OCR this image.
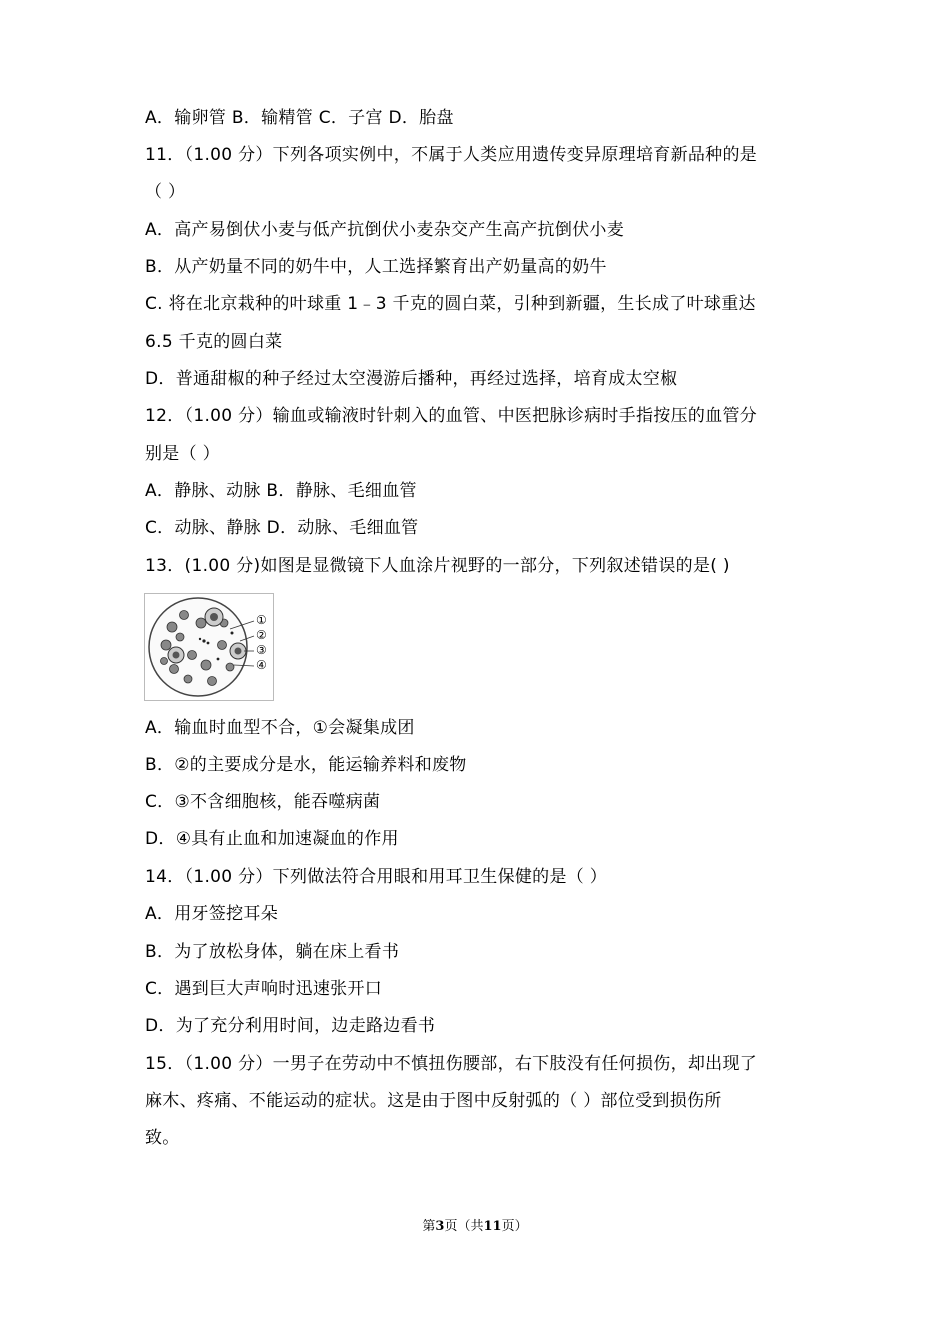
A．输卵管 B．输精管 C．子宫 D．胎盘
11．（1.00 分）下列各项实例中，不属于人类应用遗传变异原理培育新品种的是
（ ）
A．高产易倒伏小麦与低产抗倒伏小麦杂交产生高产抗倒伏小麦
B．从产奶量不同的奶牛中，人工选择繁育出产奶量高的奶牛
C. 将在北京栽种的叶球重 1﹣3 千克的圆白菜，引种到新疆，生长成了叶球重达
6.5 千克的圆白菜
D．普通甜椒的种子经过太空漫游后播种，再经过选择，培育成太空椒
12．（1.00 分）输血或输液时针刺入的血管、中医把脉诊病时手指按压的血管分
别是（ ）
A．静脉、动脉 B．静脉、毛细血管
C．动脉、静脉 D．动脉、毛细血管
13．(1.00 分)如图是显微镜下人血涂片视野的一部分，下列叙述错误的是( )
①
②
③
④
A．输血时血型不合，①会凝集成团
B．②的主要成分是水，能运输养料和废物
C．③不含细胞核，能吞噬病菌
D．④具有止血和加速凝血的作用
14．（1.00 分）下列做法符合用眼和用耳卫生保健的是（ ）
A．用牙签挖耳朵
B．为了放松身体，躺在床上看书
C．遇到巨大声响时迅速张开口
D．为了充分利用时间，边走路边看书
15．（1.00 分）一男子在劳动中不慎扭伤腰部，右下肢没有任何损伤，却出现了
麻木、疼痛、不能运动的症状。这是由于图中反射弧的（ ）部位受到损伤所
致。
第3页（共11页）
